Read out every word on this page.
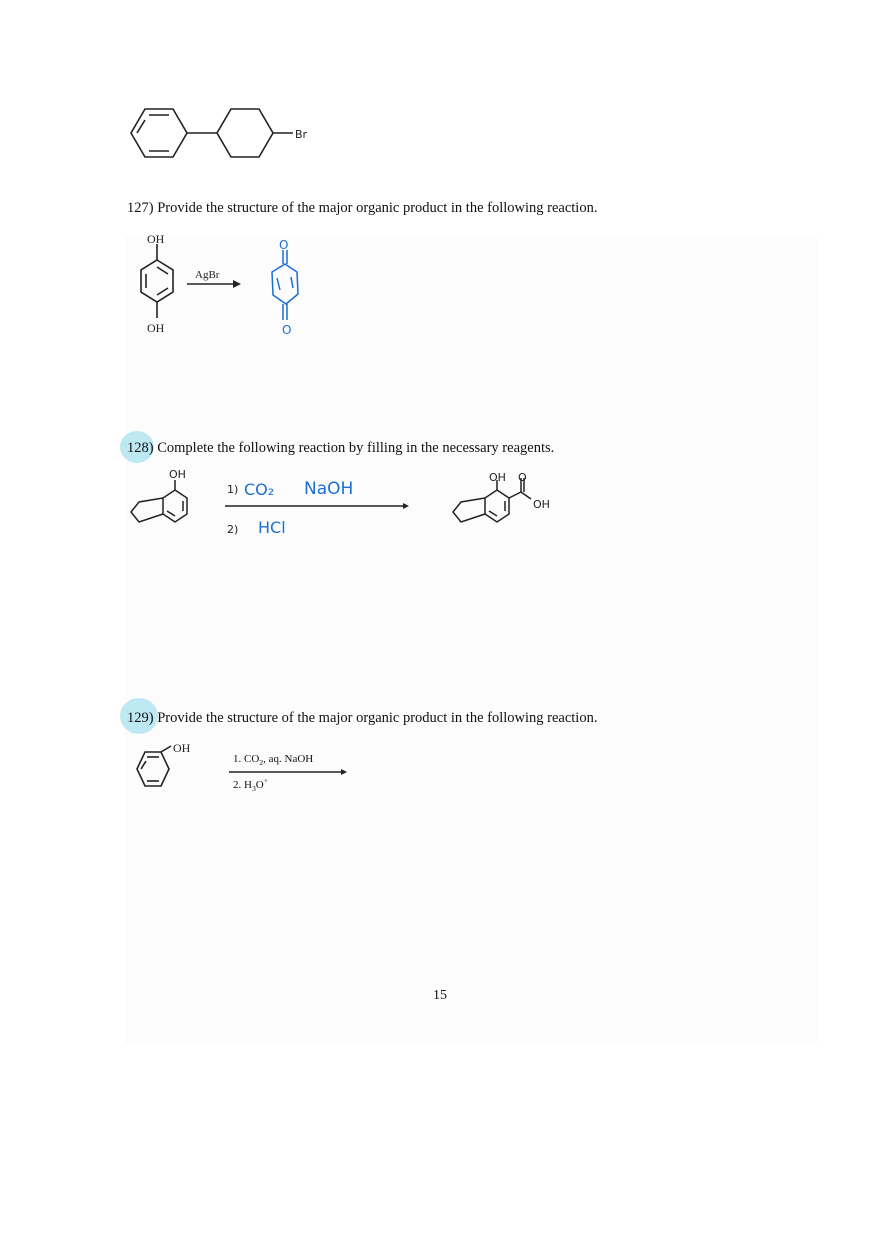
Br
127) Provide the structure of the major organic product in the following reaction.
OH
OH
AgBr
O
O
128) Complete the following reaction by filling in the necessary reagents.
OH
1)
2)
OH O
OH
CO₂ NaOH
HCl
129) Provide the structure of the major organic product in the following reaction.
OH
1. $CO_2$, aq. NaOH
2. $H_3O^+$
15
